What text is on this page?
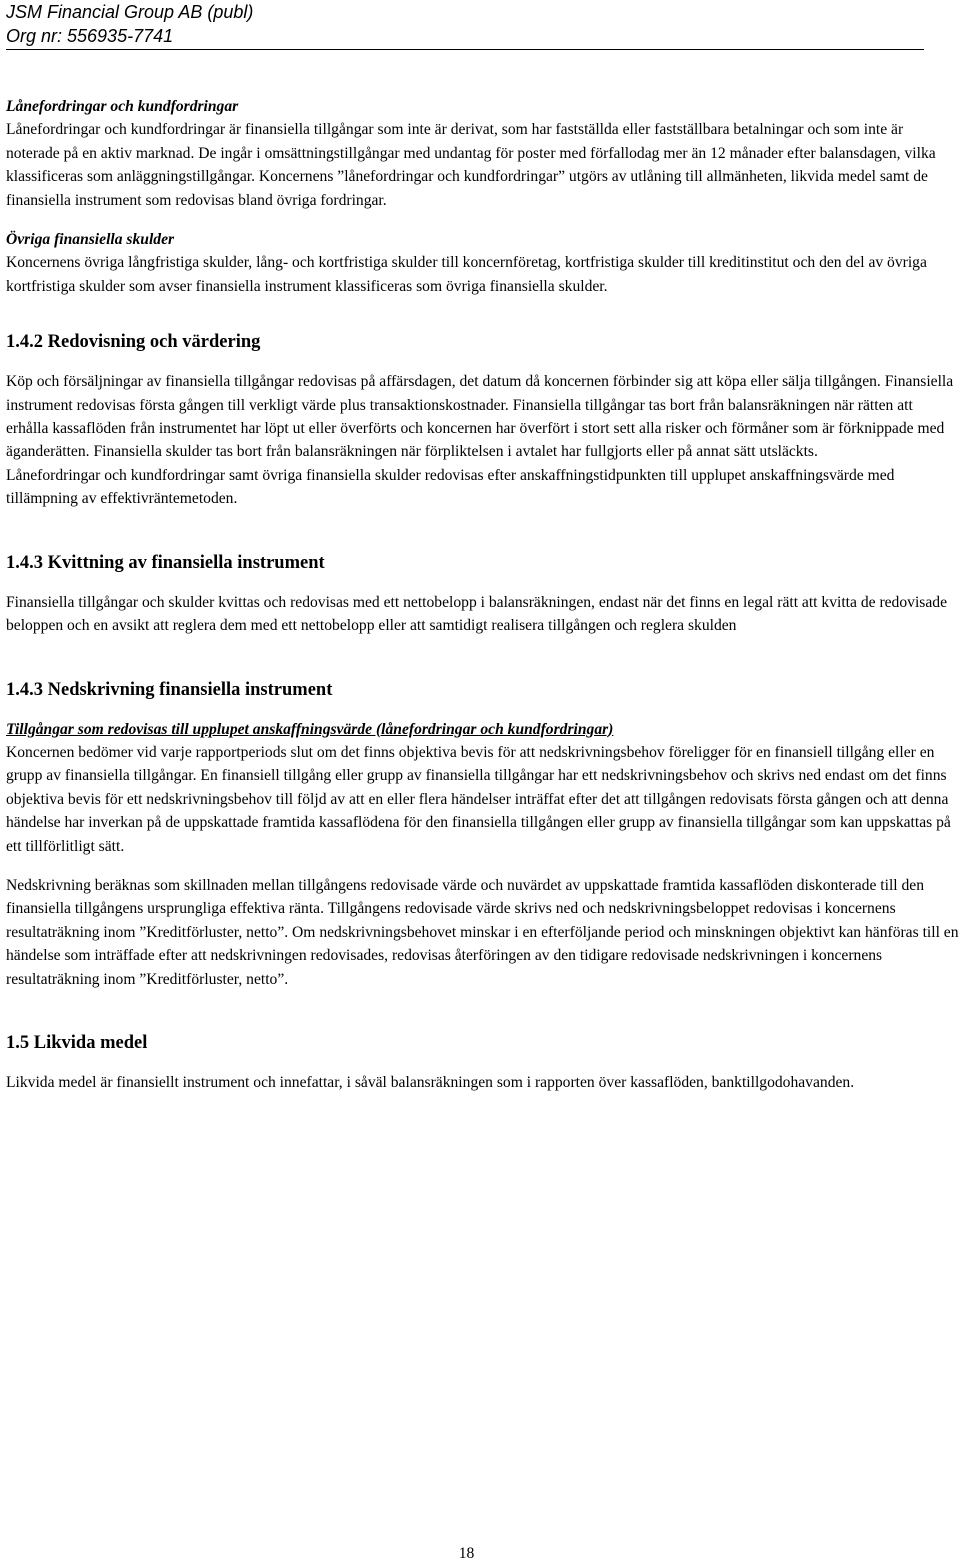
JSM Financial Group AB (publ)
Org nr: 556935-7741

Lånefordringar och kundfordringar

Lånefordringar och kundfordringar är finansiella tillgångar som inte är derivat, som har fastställda eller fastställbara betalningar och som inte är noterade på en aktiv marknad. De ingår i omsättningstillgångar med undantag för poster med förfallodag mer än 12 månader efter balansdagen, vilka klassificeras som anläggningstillgångar. Koncernens ”lånefordringar och kundfordringar” utgörs av utlåning till allmänheten, likvida medel samt de finansiella instrument som redovisas bland övriga fordringar.

Övriga finansiella skulder

Koncernens övriga långfristiga skulder, lång- och kortfristiga skulder till koncernföretag, kortfristiga skulder till kreditinstitut och den del av övriga kortfristiga skulder som avser finansiella instrument klassificeras som övriga finansiella skulder.

1.4.2 Redovisning och värdering

Köp och försäljningar av finansiella tillgångar redovisas på affärsdagen, det datum då koncernen förbinder sig att köpa eller sälja tillgången. Finansiella instrument redovisas första gången till verkligt värde plus transaktionskostnader. Finansiella tillgångar tas bort från balansräkningen när rätten att erhålla kassaflöden från instrumentet har löpt ut eller överförts och koncernen har överfört i stort sett alla risker och förmåner som är förknippade med äganderätten. Finansiella skulder tas bort från balansräkningen när förpliktelsen i avtalet har fullgjorts eller på annat sätt utsläckts.

Lånefordringar och kundfordringar samt övriga finansiella skulder redovisas efter anskaffningstidpunkten till upplupet anskaffningsvärde med tillämpning av effektivräntemetoden.

1.4.3 Kvittning av finansiella instrument

Finansiella tillgångar och skulder kvittas och redovisas med ett nettobelopp i balansräkningen, endast när det finns en legal rätt att kvitta de redovisade beloppen och en avsikt att reglera dem med ett nettobelopp eller att samtidigt realisera tillgången och reglera skulden

1.4.3 Nedskrivning finansiella instrument

Tillgångar som redovisas till upplupet anskaffningsvärde (lånefordringar och kundfordringar)

Koncernen bedömer vid varje rapportperiods slut om det finns objektiva bevis för att nedskrivningsbehov föreligger för en finansiell tillgång eller en grupp av finansiella tillgångar. En finansiell tillgång eller grupp av finansiella tillgångar har ett nedskrivningsbehov och skrivs ned endast om det finns objektiva bevis för ett nedskrivningsbehov till följd av att en eller flera händelser inträffat efter det att tillgången redovisats första gången och att denna händelse har inverkan på de uppskattade framtida kassaflödena för den finansiella tillgången eller grupp av finansiella tillgångar som kan uppskattas på ett tillförlitligt sätt.

Nedskrivning beräknas som skillnaden mellan tillgångens redovisade värde och nuvärdet av uppskattade framtida kassaflöden diskonterade till den finansiella tillgångens ursprungliga effektiva ränta. Tillgångens redovisade värde skrivs ned och nedskrivningsbeloppet redovisas i koncernens resultaträkning inom ”Kreditförluster, netto”. Om nedskrivningsbehovet minskar i en efterföljande period och minskningen objektivt kan hänföras till en händelse som inträffade efter att nedskrivningen redovisades, redovisas återföringen av den tidigare redovisade nedskrivningen i koncernens resultaträkning inom ”Kreditförluster, netto”.

1.5 Likvida medel

Likvida medel är finansiellt instrument och innefattar, i såväl balansräkningen som i rapporten över kassaflöden, banktillgodohavanden.

18
